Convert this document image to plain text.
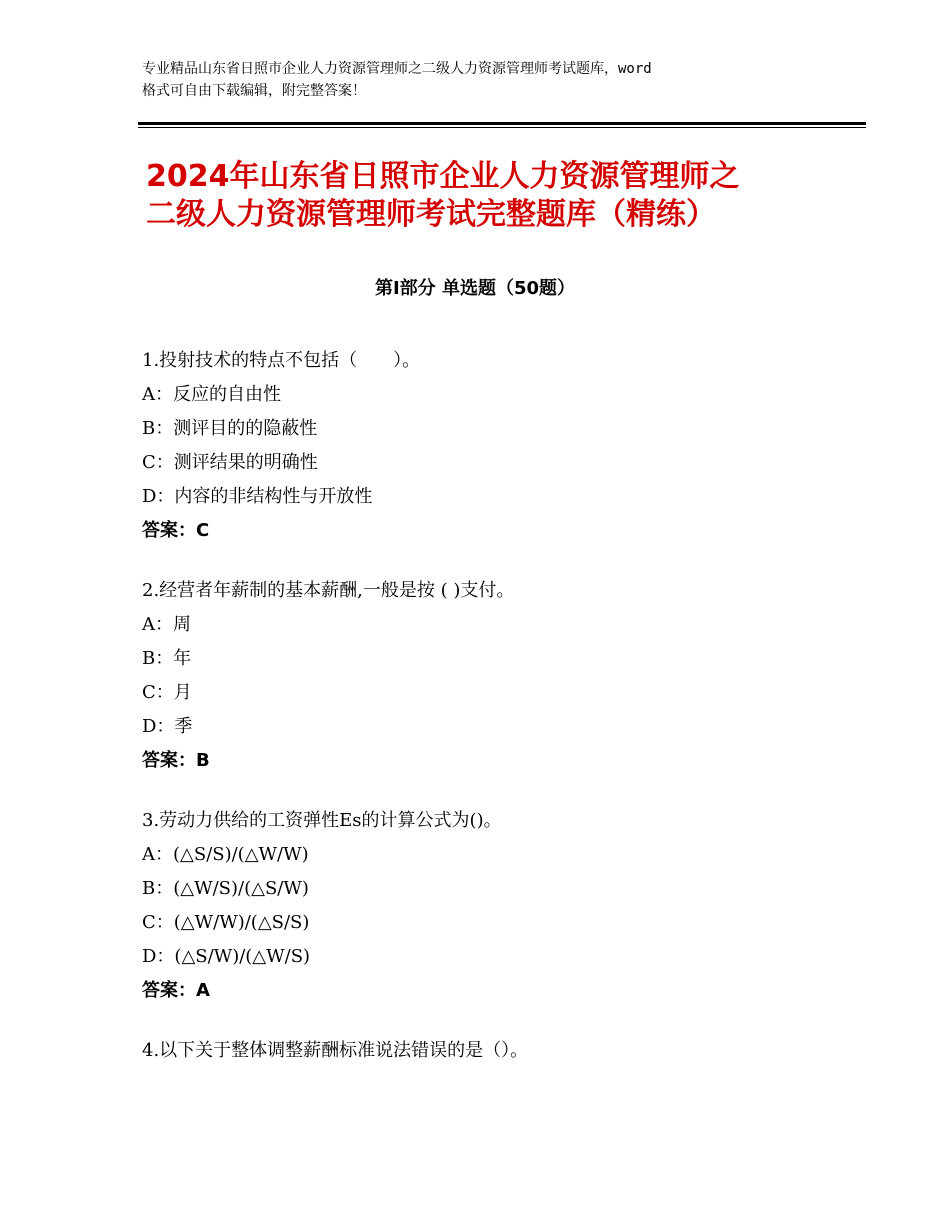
专业精品山东省日照市企业人力资源管理师之二级人力资源管理师考试题库，word
格式可自由下载编辑，附完整答案！
2024年山东省日照市企业人力资源管理师之
二级人力资源管理师考试完整题库（精练）
第Ⅰ部分 单选题（50题）
1.投射技术的特点不包括（　　）。
A：反应的自由性
B：测评目的的隐蔽性
C：测评结果的明确性
D：内容的非结构性与开放性
答案：C
2.经营者年薪制的基本薪酬,一般是按 ( )支付。
A：周
B：年
C：月
D：季
答案：B
3.劳动力供给的工资弹性Es的计算公式为()。
A：(△S/S)/(△W/W)
B：(△W/S)/(△S/W)
C：(△W/W)/(△S/S)
D：(△S/W)/(△W/S)
答案：A
4.以下关于整体调整薪酬标准说法错误的是（）。
